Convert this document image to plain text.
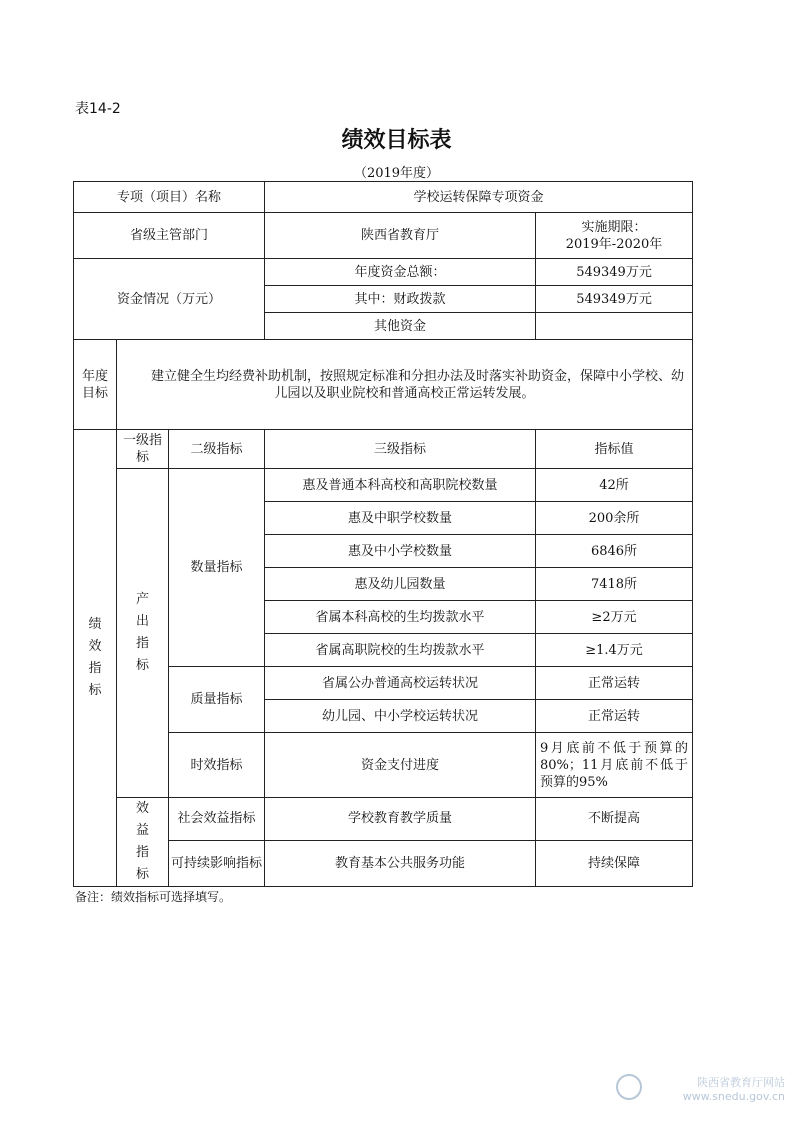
表14-2
绩效目标表
（2019年度）
专项（项目）名称			学校运转保障专项资金	
省级主管部门			陕西省教育厅	实施期限：
2019年-2020年

资金情况（万元）			年度资金总额：	549349万元
			其中：财政拨款	549349万元
			其他资金	
年度目标	建立健全生均经费补助机制，按照规定标准和分担办法及时落实补助资金，保障中小学校、幼儿园以及职业院校和普通高校正常运转发展。			

绩效指标	一级指标	二级指标	三级指标	指标值

	产出指标	数量指标	惠及普通本科高校和高职院校数量	42所
			惠及中职学校数量	200余所
			惠及中小学校数量	6846所
			惠及幼儿园数量	7418所
			省属本科高校的生均拨款水平	≥2万元
			省属高职院校的生均拨款水平	≥1.4万元
		质量指标	省属公办普通高校运转状况	正常运转
			幼儿园、中小学校运转状况	正常运转
		时效指标	资金支付进度	9月底前不低于预算的80%；11月底前不低于预算的95%

	效益指标	社会效益指标	学校教育教学质量	不断提高
		可持续影响指标	教育基本公共服务功能	持续保障
备注：绩效指标可选择填写。
陕西省教育厅网站
www.snedu.gov.cn
